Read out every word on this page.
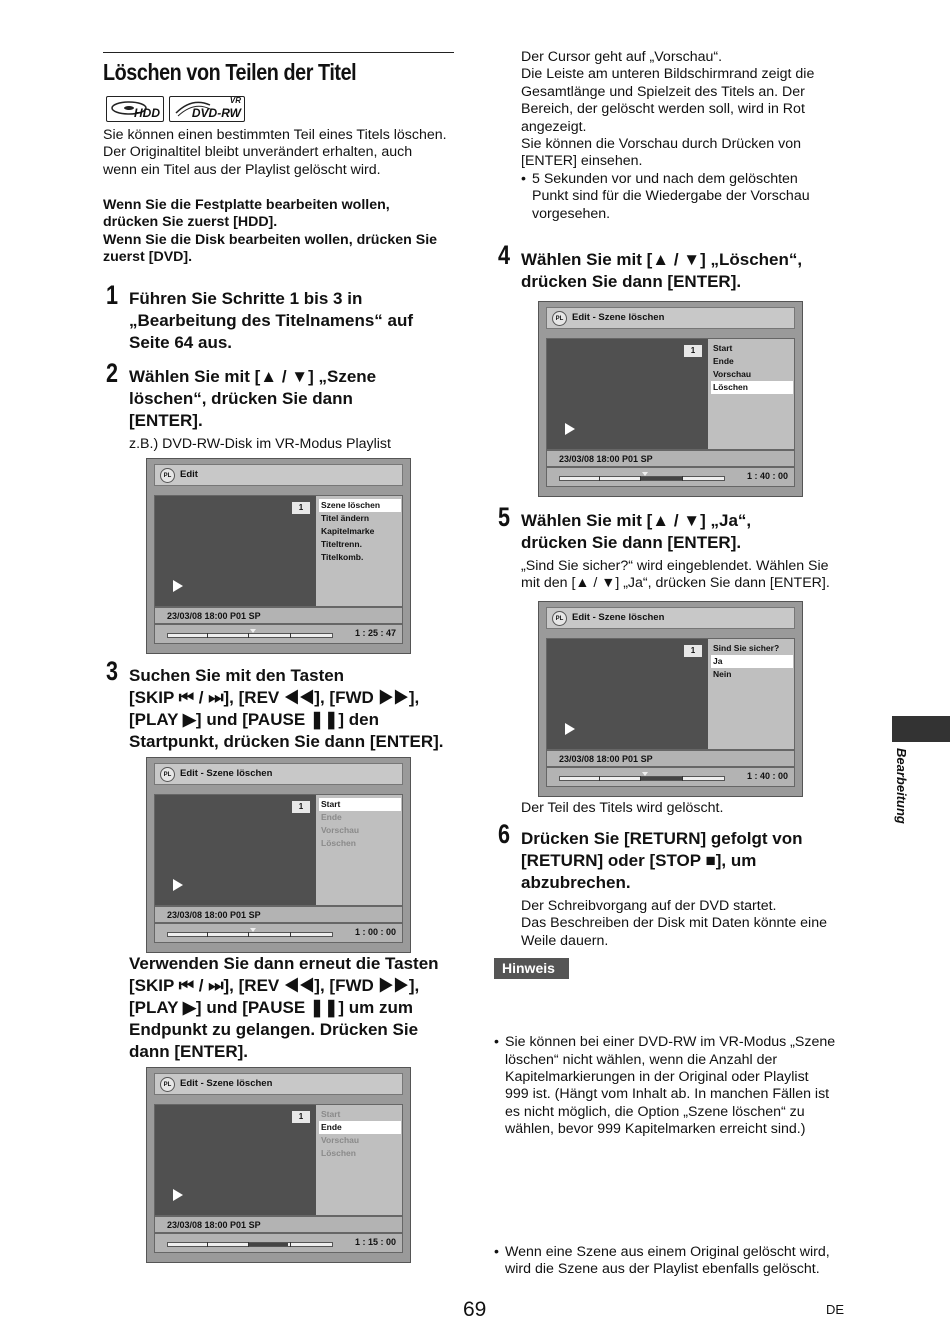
Löschen von Teilen der Titel
HDD
VR
DVD-RW
Sie können einen bestimmten Teil eines Titels löschen.
Der Originaltitel bleibt unverändert erhalten, auch
wenn ein Titel aus der Playlist gelöscht wird.
Wenn Sie die Festplatte bearbeiten wollen,
drücken Sie zuerst [HDD].
Wenn Sie die Disk bearbeiten wollen, drücken Sie
zuerst [DVD].
1 Führen Sie Schritte 1 bis 3 in
„Bearbeitung des Titelnamens“ auf
Seite 64 aus.
2 Wählen Sie mit [▲ / ▼] „Szene
löschen“, drücken Sie dann
[ENTER].
z.B.) DVD-RW-Disk im VR-Modus Playlist
PL Edit
1	Szene löschen
Titel ändern
Kapitelmarke
Titeltrenn.
Titelkomb.
23/03/08 18:00 P01 SP
1 : 25 : 47
3 Suchen Sie mit den Tasten
[SKIP ⏮ / ⏭], [REV ◀◀], [FWD ▶▶],
[PLAY ▶] und [PAUSE ❚❚] den
Startpunkt, drücken Sie dann [ENTER].
PL Edit - Szene löschen
1	Start
Ende
Vorschau
Löschen
23/03/08 18:00 P01 SP
1 : 00 : 00
Verwenden Sie dann erneut die Tasten
[SKIP ⏮ / ⏭], [REV ◀◀], [FWD ▶▶],
[PLAY ▶] und [PAUSE ❚❚] um zum
Endpunkt zu gelangen. Drücken Sie
dann [ENTER].
PL Edit - Szene löschen
1	Start
Ende
Vorschau
Löschen
23/03/08 18:00 P01 SP
1 : 15 : 00
Der Cursor geht auf „Vorschau“.
Die Leiste am unteren Bildschirmrand zeigt die
Gesamtlänge und Spielzeit des Titels an. Der
Bereich, der gelöscht werden soll, wird in Rot
angezeigt.
Sie können die Vorschau durch Drücken von
[ENTER] einsehen.
• 5 Sekunden vor und nach dem gelöschten
Punkt sind für die Wiedergabe der Vorschau
vorgesehen.
4 Wählen Sie mit [▲ / ▼] „Löschen“,
drücken Sie dann [ENTER].
PL Edit - Szene löschen
1	Start
Ende
Vorschau
Löschen
23/03/08 18:00 P01 SP
1 : 40 : 00
5 Wählen Sie mit [▲ / ▼] „Ja“,
drücken Sie dann [ENTER].
„Sind Sie sicher?“ wird eingeblendet. Wählen Sie
mit den [▲ / ▼] „Ja“, drücken Sie dann [ENTER].
PL Edit - Szene löschen
1	Sind Sie sicher?
Ja
Nein
23/03/08 18:00 P01 SP
1 : 40 : 00
Der Teil des Titels wird gelöscht.
6 Drücken Sie [RETURN] gefolgt von
[RETURN] oder [STOP ■], um
abzubrechen.
Der Schreibvorgang auf der DVD startet.
Das Beschreiben der Disk mit Daten könnte eine
Weile dauern.
Hinweis
• Sie können bei einer DVD-RW im VR-Modus „Szene
löschen“ nicht wählen, wenn die Anzahl der
Kapitelmarkierungen in der Original oder Playlist
999 ist. (Hängt vom Inhalt ab. In manchen Fällen ist
es nicht möglich, die Option „Szene löschen“ zu
wählen, bevor 999 Kapitelmarken erreicht sind.)
• Wenn eine Szene aus einem Original gelöscht wird,
wird die Szene aus der Playlist ebenfalls gelöscht.
Bearbeitung
69	DE
